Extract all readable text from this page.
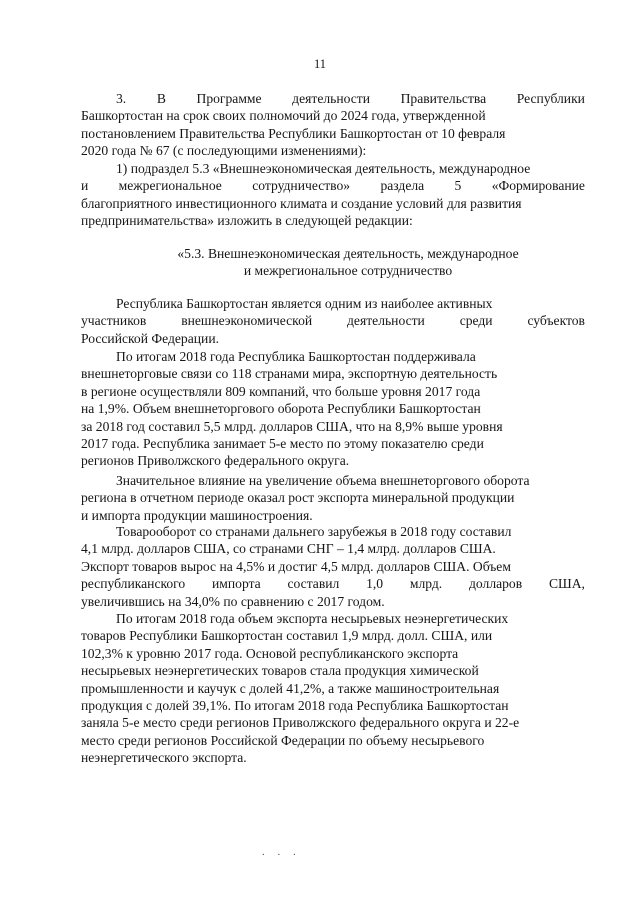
11
3. В Программе деятельности Правительства Республики
Башкортостан на срок своих полномочий до 2024 года, утвержденной
постановлением Правительства Республики Башкортостан от 10 февраля
2020 года № 67 (с последующими изменениями):
1) подраздел 5.3 «Внешнеэкономическая деятельность, международное
и межрегиональное сотрудничество» раздела 5 «Формирование
благоприятного инвестиционного климата и создание условий для развития
предпринимательства» изложить в следующей редакции:
«5.3. Внешнеэкономическая деятельность, международное
и межрегиональное сотрудничество
Республика Башкортостан является одним из наиболее активных
участников	внешнеэкономической	деятельности	среди	субъектов
Российской Федерации.
По итогам 2018 года Республика Башкортостан поддерживала
внешнеторговые связи со 118 странами мира, экспортную деятельность
в регионе осуществляли 809 компаний, что больше уровня 2017 года
на 1,9%. Объем внешнеторгового оборота Республики Башкортостан
за 2018 год составил 5,5 млрд. долларов США, что на 8,9% выше уровня
2017 года. Республика занимает 5-е место по этому показателю среди
регионов Приволжского федерального округа.
Значительное влияние на увеличение объема внешнеторгового оборота
региона в отчетном периоде оказал рост экспорта минеральной продукции
и импорта продукции машиностроения.
Товарооборот со странами дальнего зарубежья в 2018 году составил
4,1 млрд. долларов США, со странами СНГ – 1,4 млрд. долларов США.
Экспорт товаров вырос на 4,5% и достиг 4,5 млрд. долларов США. Объем
республиканского импорта составил 1,0 млрд. долларов США,
увеличившись на 34,0% по сравнению с 2017 годом.
По итогам 2018 года объем экспорта несырьевых неэнергетических
товаров Республики Башкортостан составил 1,9 млрд. долл. США, или
102,3% к уровню 2017 года. Основой республиканского экспорта
несырьевых неэнергетических товаров стала продукция химической
промышленности и каучук с долей 41,2%, а также машиностроительная
продукция с долей 39,1%. По итогам 2018 года Республика Башкортостан
заняла 5-е место среди регионов Приволжского федерального округа и 22-е
место среди регионов Российской Федерации по объему несырьевого
неэнергетического экспорта.
. . .
